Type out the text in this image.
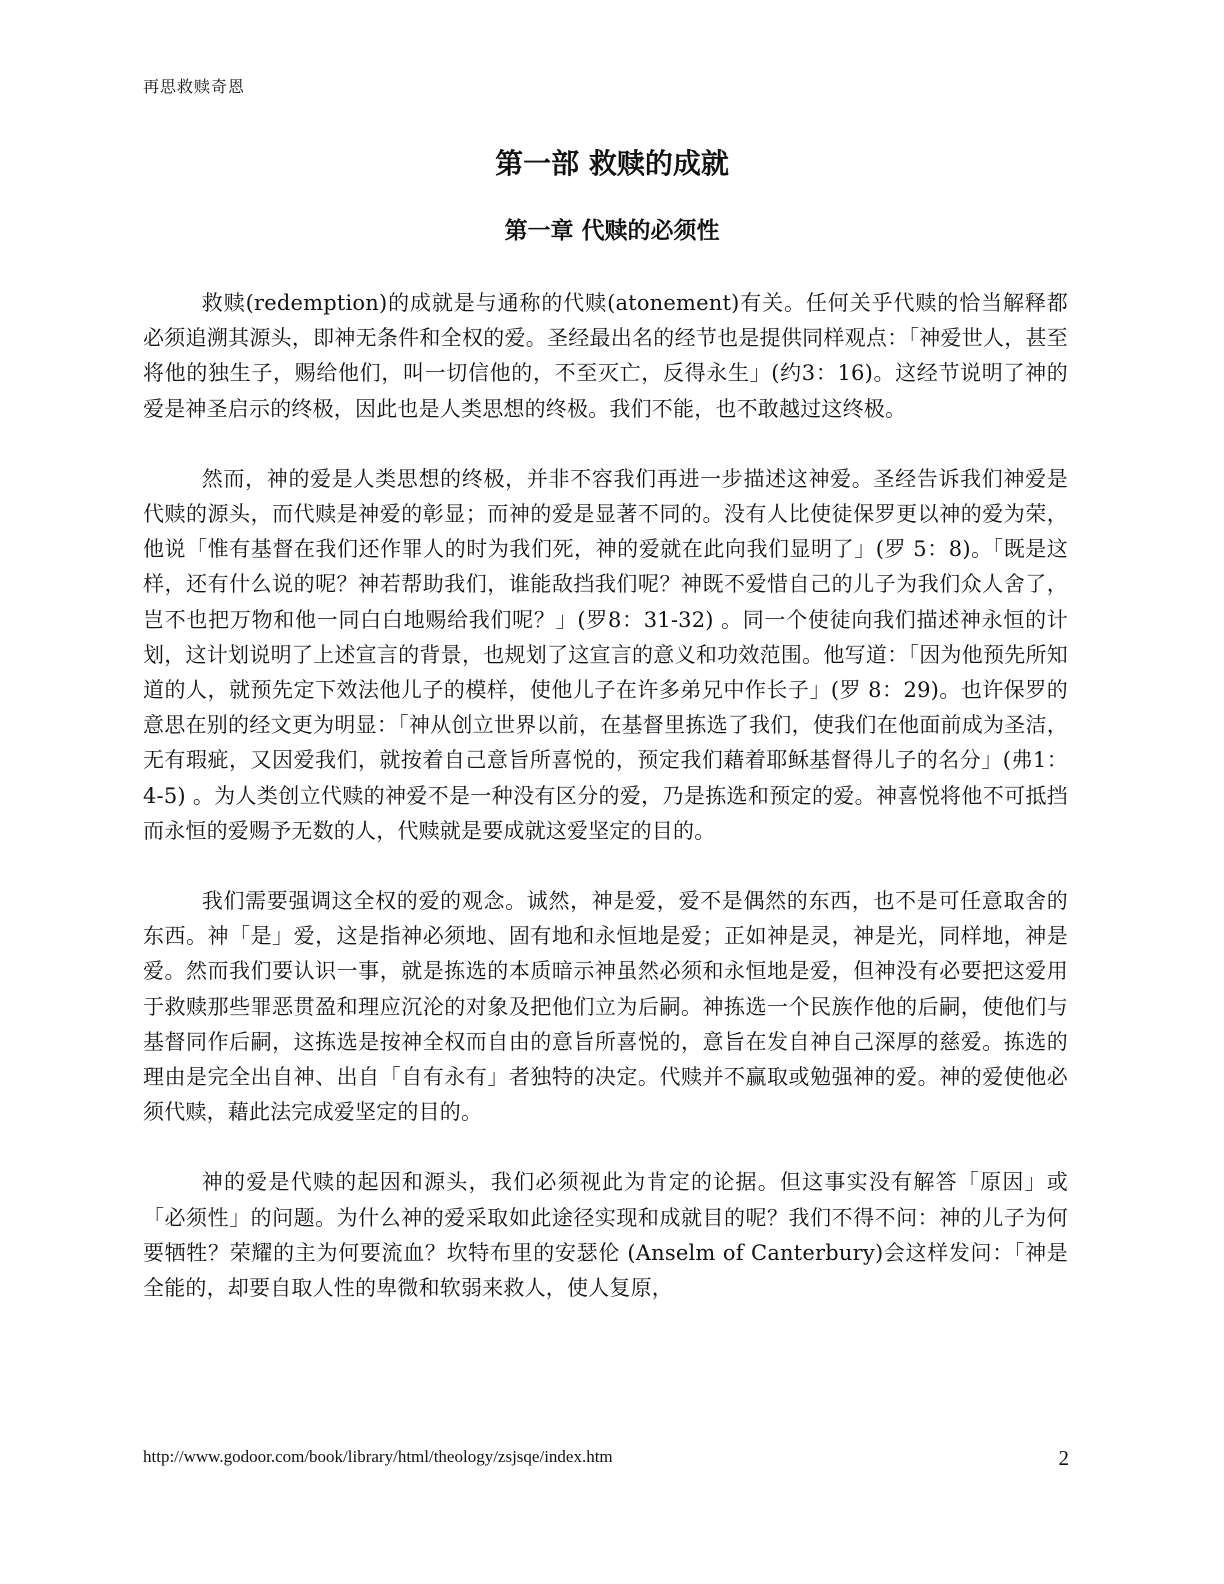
再思救赎奇恩

第一部 救赎的成就
第一章 代赎的必须性

救赎(redemption)的成就是与通称的代赎(atonement)有关。任何关乎代赎的恰当解释都必须追溯其源头，即神无条件和全权的爱。圣经最出名的经节也是提供同样观点：「神爱世人，甚至将他的独生子，赐给他们，叫一切信他的，不至灭亡，反得永生」(约3：16)。这经节说明了神的爱是神圣启示的终极，因此也是人类思想的终极。我们不能，也不敢越过这终极。

然而，神的爱是人类思想的终极，并非不容我们再进一步描述这神爱。圣经告诉我们神爱是代赎的源头，而代赎是神爱的彰显；而神的爱是显著不同的。没有人比使徒保罗更以神的爱为荣，他说「惟有基督在我们还作罪人的时为我们死，神的爱就在此向我们显明了」(罗 5：8)。「既是这样，还有什么说的呢？神若帮助我们，谁能敌挡我们呢？神既不爱惜自己的儿子为我们众人舍了，岂不也把万物和他一同白白地赐给我们呢？」(罗8：31-32) 。同一个使徒向我们描述神永恒的计划，这计划说明了上述宣言的背景，也规划了这宣言的意义和功效范围。他写道：「因为他预先所知道的人，就预先定下效法他儿子的模样，使他儿子在许多弟兄中作长子」(罗 8：29)。也许保罗的意思在别的经文更为明显：「神从创立世界以前，在基督里拣选了我们，使我们在他面前成为圣洁，无有瑕疵，又因爱我们，就按着自己意旨所喜悦的，预定我们藉着耶稣基督得儿子的名分」(弗1：4-5) 。为人类创立代赎的神爱不是一种没有区分的爱，乃是拣选和预定的爱。神喜悦将他不可抵挡而永恒的爱赐予无数的人，代赎就是要成就这爱坚定的目的。

我们需要强调这全权的爱的观念。诚然，神是爱，爱不是偶然的东西，也不是可任意取舍的东西。神「是」爱，这是指神必须地、固有地和永恒地是爱；正如神是灵，神是光，同样地，神是爱。然而我们要认识一事，就是拣选的本质暗示神虽然必须和永恒地是爱，但神没有必要把这爱用于救赎那些罪恶贯盈和理应沉沦的对象及把他们立为后嗣。神拣选一个民族作他的后嗣，使他们与基督同作后嗣，这拣选是按神全权而自由的意旨所喜悦的，意旨在发自神自己深厚的慈爱。拣选的理由是完全出自神、出自「自有永有」者独特的决定。代赎并不赢取或勉强神的爱。神的爱使他必须代赎，藉此法完成爱坚定的目的。

神的爱是代赎的起因和源头，我们必须视此为肯定的论据。但这事实没有解答「原因」或「必须性」的问题。为什么神的爱采取如此途径实现和成就目的呢？我们不得不问：神的儿子为何要牺牲？荣耀的主为何要流血？坎特布里的安瑟伦 (Anselm of Canterbury)会这样发问：「神是全能的，却要自取人性的卑微和软弱来救人，使人复原，

http://www.godoor.com/book/library/html/theology/zsjsqe/index.htm	2
